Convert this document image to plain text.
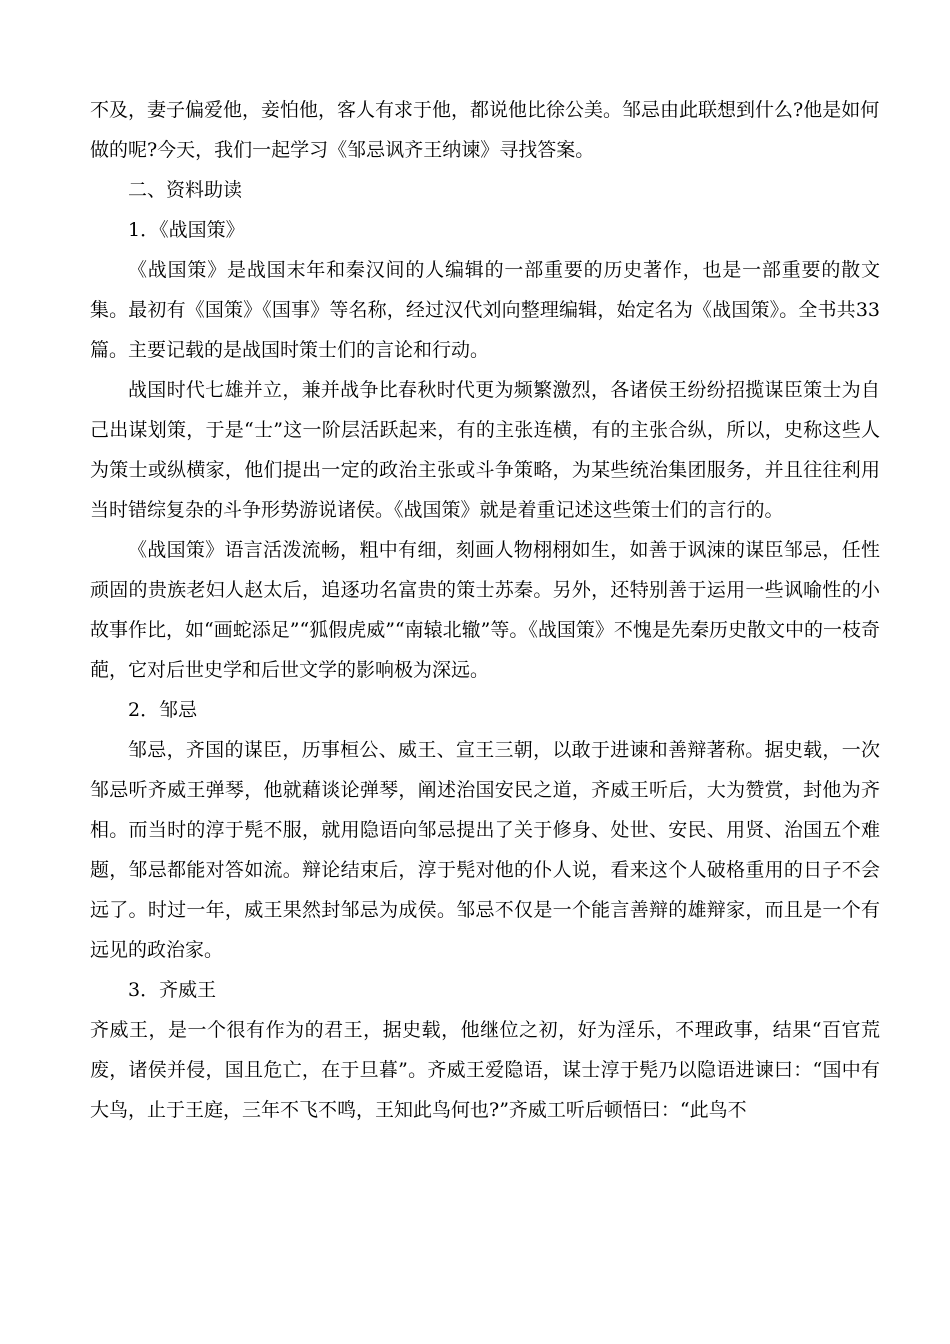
不及，妻子偏爱他，妾怕他，客人有求于他，都说他比徐公美。邹忌由此联想到什么?他是如何

做的呢?今天，我们一起学习《邹忌讽齐王纳谏》寻找答案。

二、资料助读

1．《战国策》

《战国策》是战国末年和秦汉间的人编辑的一部重要的历史著作，也是一部重要的散文集。最初有《国策》《国事》等名称，经过汉代刘向整理编辑，始定名为《战国策》。全书共33篇。主要记载的是战国时策士们的言论和行动。

战国时代七雄并立，兼并战争比春秋时代更为频繁激烈，各诸侯王纷纷招揽谋臣策士为自己出谋划策，于是“士”这一阶层活跃起来，有的主张连横，有的主张合纵，所以，史称这些人为策士或纵横家，他们提出一定的政治主张或斗争策略，为某些统治集团服务，并且往往利用当时错综复杂的斗争形势游说诸侯。《战国策》就是着重记述这些策士们的言行的。

《战国策》语言活泼流畅，粗中有细，刻画人物栩栩如生，如善于讽涑的谋臣邹忌，任性顽固的贵族老妇人赵太后，追逐功名富贵的策士苏秦。另外，还特别善于运用一些讽喻性的小故事作比，如“画蛇添足”“狐假虎威”“南辕北辙”等。《战国策》不愧是先秦历史散文中的一枝奇葩，它对后世史学和后世文学的影响极为深远。

2．邹忌

邹忌，齐国的谋臣，历事桓公、威王、宣王三朝，以敢于进谏和善辩著称。据史载，一次邹忌听齐威王弹琴，他就藉谈论弹琴，阐述治国安民之道，齐威王听后，大为赞赏，封他为齐相。而当时的淳于髡不服，就用隐语向邹忌提出了关于修身、处世、安民、用贤、治国五个难题，邹忌都能对答如流。辩论结束后，淳于髡对他的仆人说，看来这个人破格重用的日子不会远了。时过一年，威王果然封邹忌为成侯。邹忌不仅是一个能言善辩的雄辩家，而且是一个有远见的政治家。

3．齐威王

齐威王，是一个很有作为的君王，据史载，他继位之初，好为淫乐，不理政事，结果“百官荒废，诸侯并侵，国且危亡，在于旦暮”。齐威王爱隐语，谋士淳于髡乃以隐语进谏曰：“国中有大鸟，止于王庭，三年不飞不鸣，王知此鸟何也?”齐威工听后顿悟曰：“此鸟不
